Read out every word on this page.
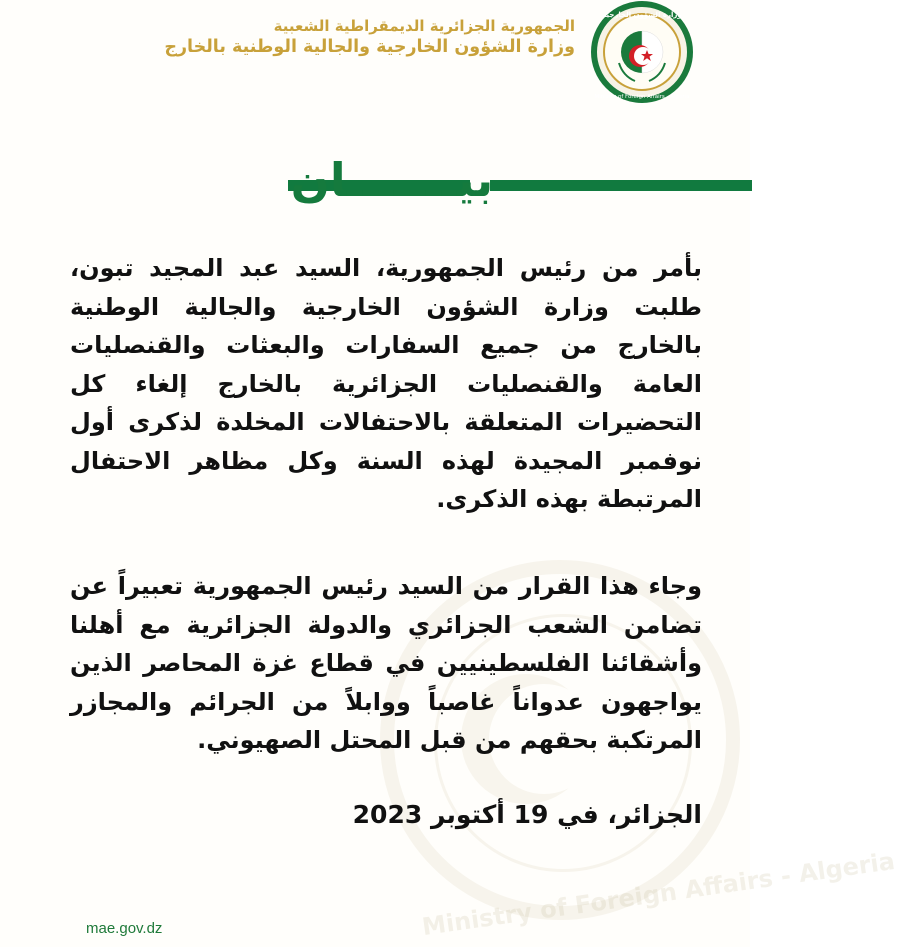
Ministry of Foreign Affairs - Algeria
الجمهورية الجزائرية الديمقراطية الشعبية
وزارة الشؤون الخارجية والجالية الوطنية بالخارج
وزارة الشؤون الخارجية
Ministry of Foreign Affairs - Algeria
بيـــــــان
بأمر من رئيس الجمهورية، السيد عبد المجيد تبون، طلبت وزارة الشؤون الخارجية والجالية الوطنية بالخارج من جميع السفارات والبعثات والقنصليات العامة والقنصليات الجزائرية بالخارج إلغاء كل التحضيرات المتعلقة بالاحتفالات المخلدة لذكرى أول نوفمبر المجيدة لهذه السنة وكل مظاهر الاحتفال المرتبطة بهذه الذكرى.
وجاء هذا القرار من السيد رئيس الجمهورية تعبيراً عن تضامن الشعب الجزائري والدولة الجزائرية مع أهلنا وأشقائنا الفلسطينيين في قطاع غزة المحاصر الذين يواجهون عدواناً غاصباً ووابلاً من الجرائم والمجازر المرتكبة بحقهم من قبل المحتل الصهيوني.
الجزائر، في 19 أكتوبر 2023
mae.gov.dz
